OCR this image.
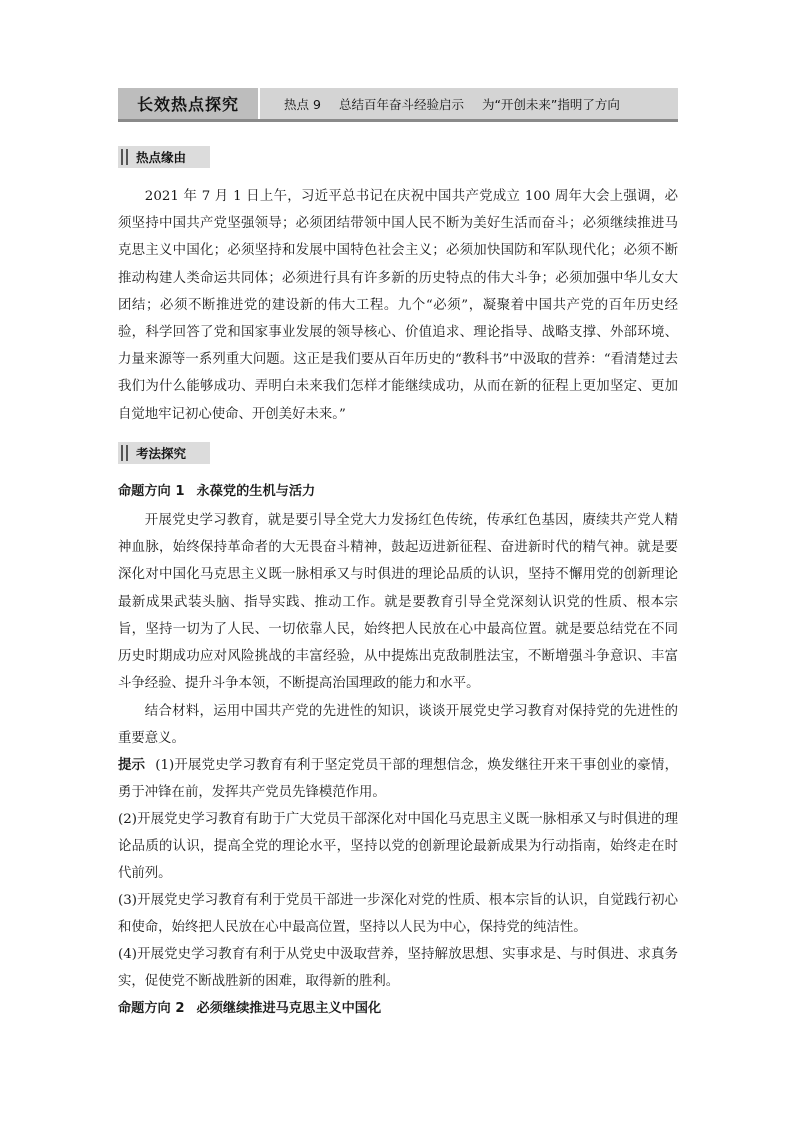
长效热点探究	热点 9 总结百年奋斗经验启示 为“开创未来”指明了方向
热点缘由

2021 年 7 月 1 日上午，习近平总书记在庆祝中国共产党成立 100 周年大会上强调，必须坚持中国共产党坚强领导；必须团结带领中国人民不断为美好生活而奋斗；必须继续推进马克思主义中国化；必须坚持和发展中国特色社会主义；必须加快国防和军队现代化；必须不断推动构建人类命运共同体；必须进行具有许多新的历史特点的伟大斗争；必须加强中华儿女大团结；必须不断推进党的建设新的伟大工程。九个“必须”，凝聚着中国共产党的百年历史经验，科学回答了党和国家事业发展的领导核心、价值追求、理论指导、战略支撑、外部环境、力量来源等一系列重大问题。这正是我们要从百年历史的“教科书”中汲取的营养：“看清楚过去我们为什么能够成功、弄明白未来我们怎样才能继续成功，从而在新的征程上更加坚定、更加自觉地牢记初心使命、开创美好未来。”

考法探究
命题方向 1 永葆党的生机与活力

开展党史学习教育，就是要引导全党大力发扬红色传统，传承红色基因，赓续共产党人精神血脉，始终保持革命者的大无畏奋斗精神，鼓起迈进新征程、奋进新时代的精气神。就是要深化对中国化马克思主义既一脉相承又与时俱进的理论品质的认识，坚持不懈用党的创新理论最新成果武装头脑、指导实践、推动工作。就是要教育引导全党深刻认识党的性质、根本宗旨，坚持一切为了人民、一切依靠人民，始终把人民放在心中最高位置。就是要总结党在不同历史时期成功应对风险挑战的丰富经验，从中提炼出克敌制胜法宝，不断增强斗争意识、丰富斗争经验、提升斗争本领，不断提高治国理政的能力和水平。

结合材料，运用中国共产党的先进性的知识，谈谈开展党史学习教育对保持党的先进性的重要意义。

提示 (1)开展党史学习教育有利于坚定党员干部的理想信念，焕发继往开来干事创业的豪情，勇于冲锋在前，发挥共产党员先锋模范作用。

(2)开展党史学习教育有助于广大党员干部深化对中国化马克思主义既一脉相承又与时俱进的理论品质的认识，提高全党的理论水平，坚持以党的创新理论最新成果为行动指南，始终走在时代前列。

(3)开展党史学习教育有利于党员干部进一步深化对党的性质、根本宗旨的认识，自觉践行初心和使命，始终把人民放在心中最高位置，坚持以人民为中心，保持党的纯洁性。

(4)开展党史学习教育有利于从党史中汲取营养，坚持解放思想、实事求是、与时俱进、求真务实，促使党不断战胜新的困难，取得新的胜利。

命题方向 2 必须继续推进马克思主义中国化
